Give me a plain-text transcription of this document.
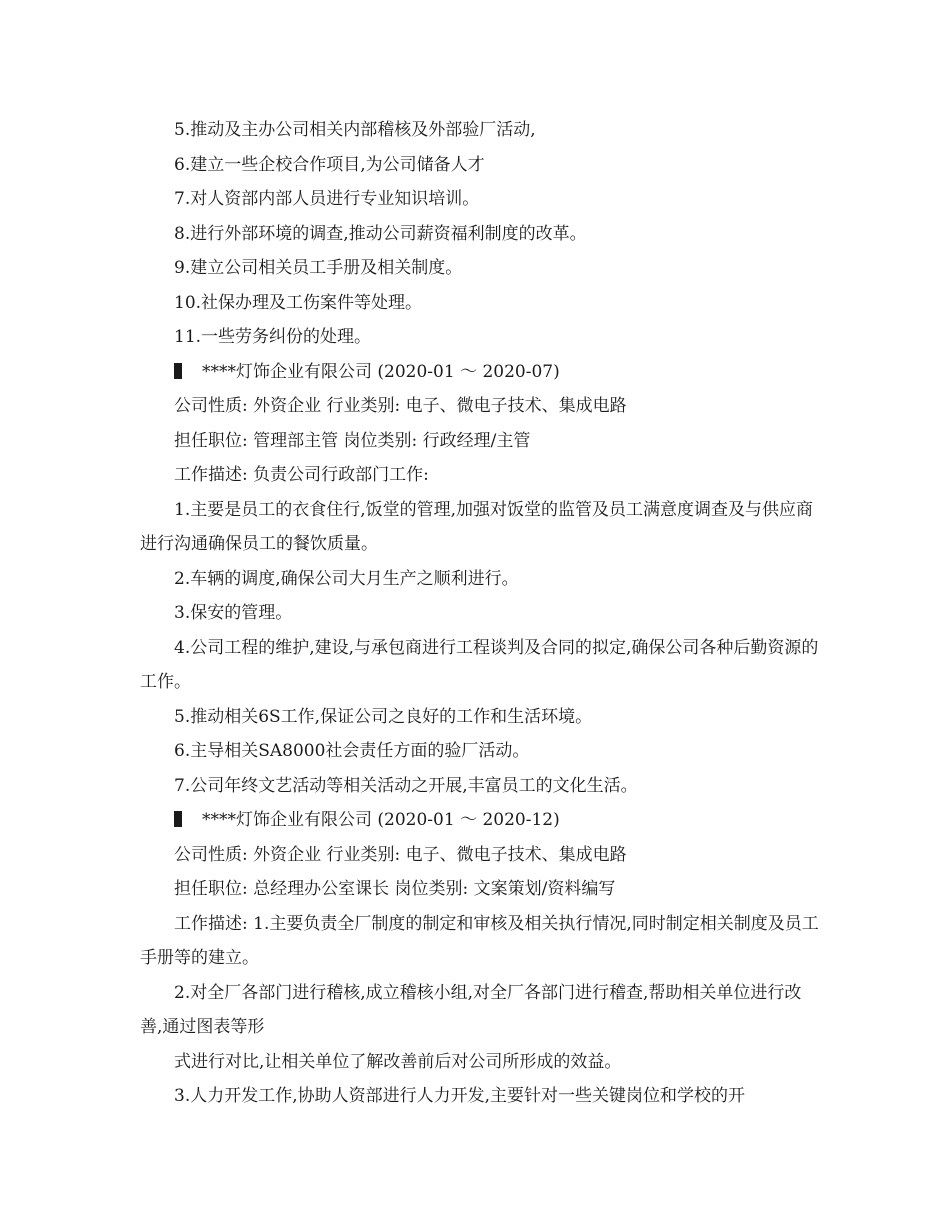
5.推动及主办公司相关内部稽核及外部验厂活动,

6.建立一些企校合作项目,为公司储备人才

7.对人资部内部人员进行专业知识培训。

8.进行外部环境的调查,推动公司薪资福利制度的改革。

9.建立公司相关员工手册及相关制度。

10.社保办理及工伤案件等处理。

11.一些劳务纠份的处理。

****灯饰企业有限公司 (2020-01 ～ 2020-07)

公司性质: 外资企业 行业类别: 电子、微电子技术、集成电路

担任职位: 管理部主管 岗位类别: 行政经理/主管

工作描述: 负责公司行政部门工作:

1.主要是员工的衣食住行,饭堂的管理,加强对饭堂的监管及员工满意度调查及与供应商进行沟通确保员工的餐饮质量。

2.车辆的调度,确保公司大月生产之顺利进行。

3.保安的管理。

4.公司工程的维护,建设,与承包商进行工程谈判及合同的拟定,确保公司各种后勤资源的工作。

5.推动相关6S工作,保证公司之良好的工作和生活环境。

6.主导相关SA8000社会责任方面的验厂活动。

7.公司年终文艺活动等相关活动之开展,丰富员工的文化生活。

****灯饰企业有限公司 (2020-01 ～ 2020-12)

公司性质: 外资企业 行业类别: 电子、微电子技术、集成电路

担任职位: 总经理办公室课长 岗位类别: 文案策划/资料编写

工作描述: 1.主要负责全厂制度的制定和审核及相关执行情况,同时制定相关制度及员工手册等的建立。

2.对全厂各部门进行稽核,成立稽核小组,对全厂各部门进行稽查,帮助相关单位进行改善,通过图表等形

式进行对比,让相关单位了解改善前后对公司所形成的效益。

3.人力开发工作,协助人资部进行人力开发,主要针对一些关键岗位和学校的开
